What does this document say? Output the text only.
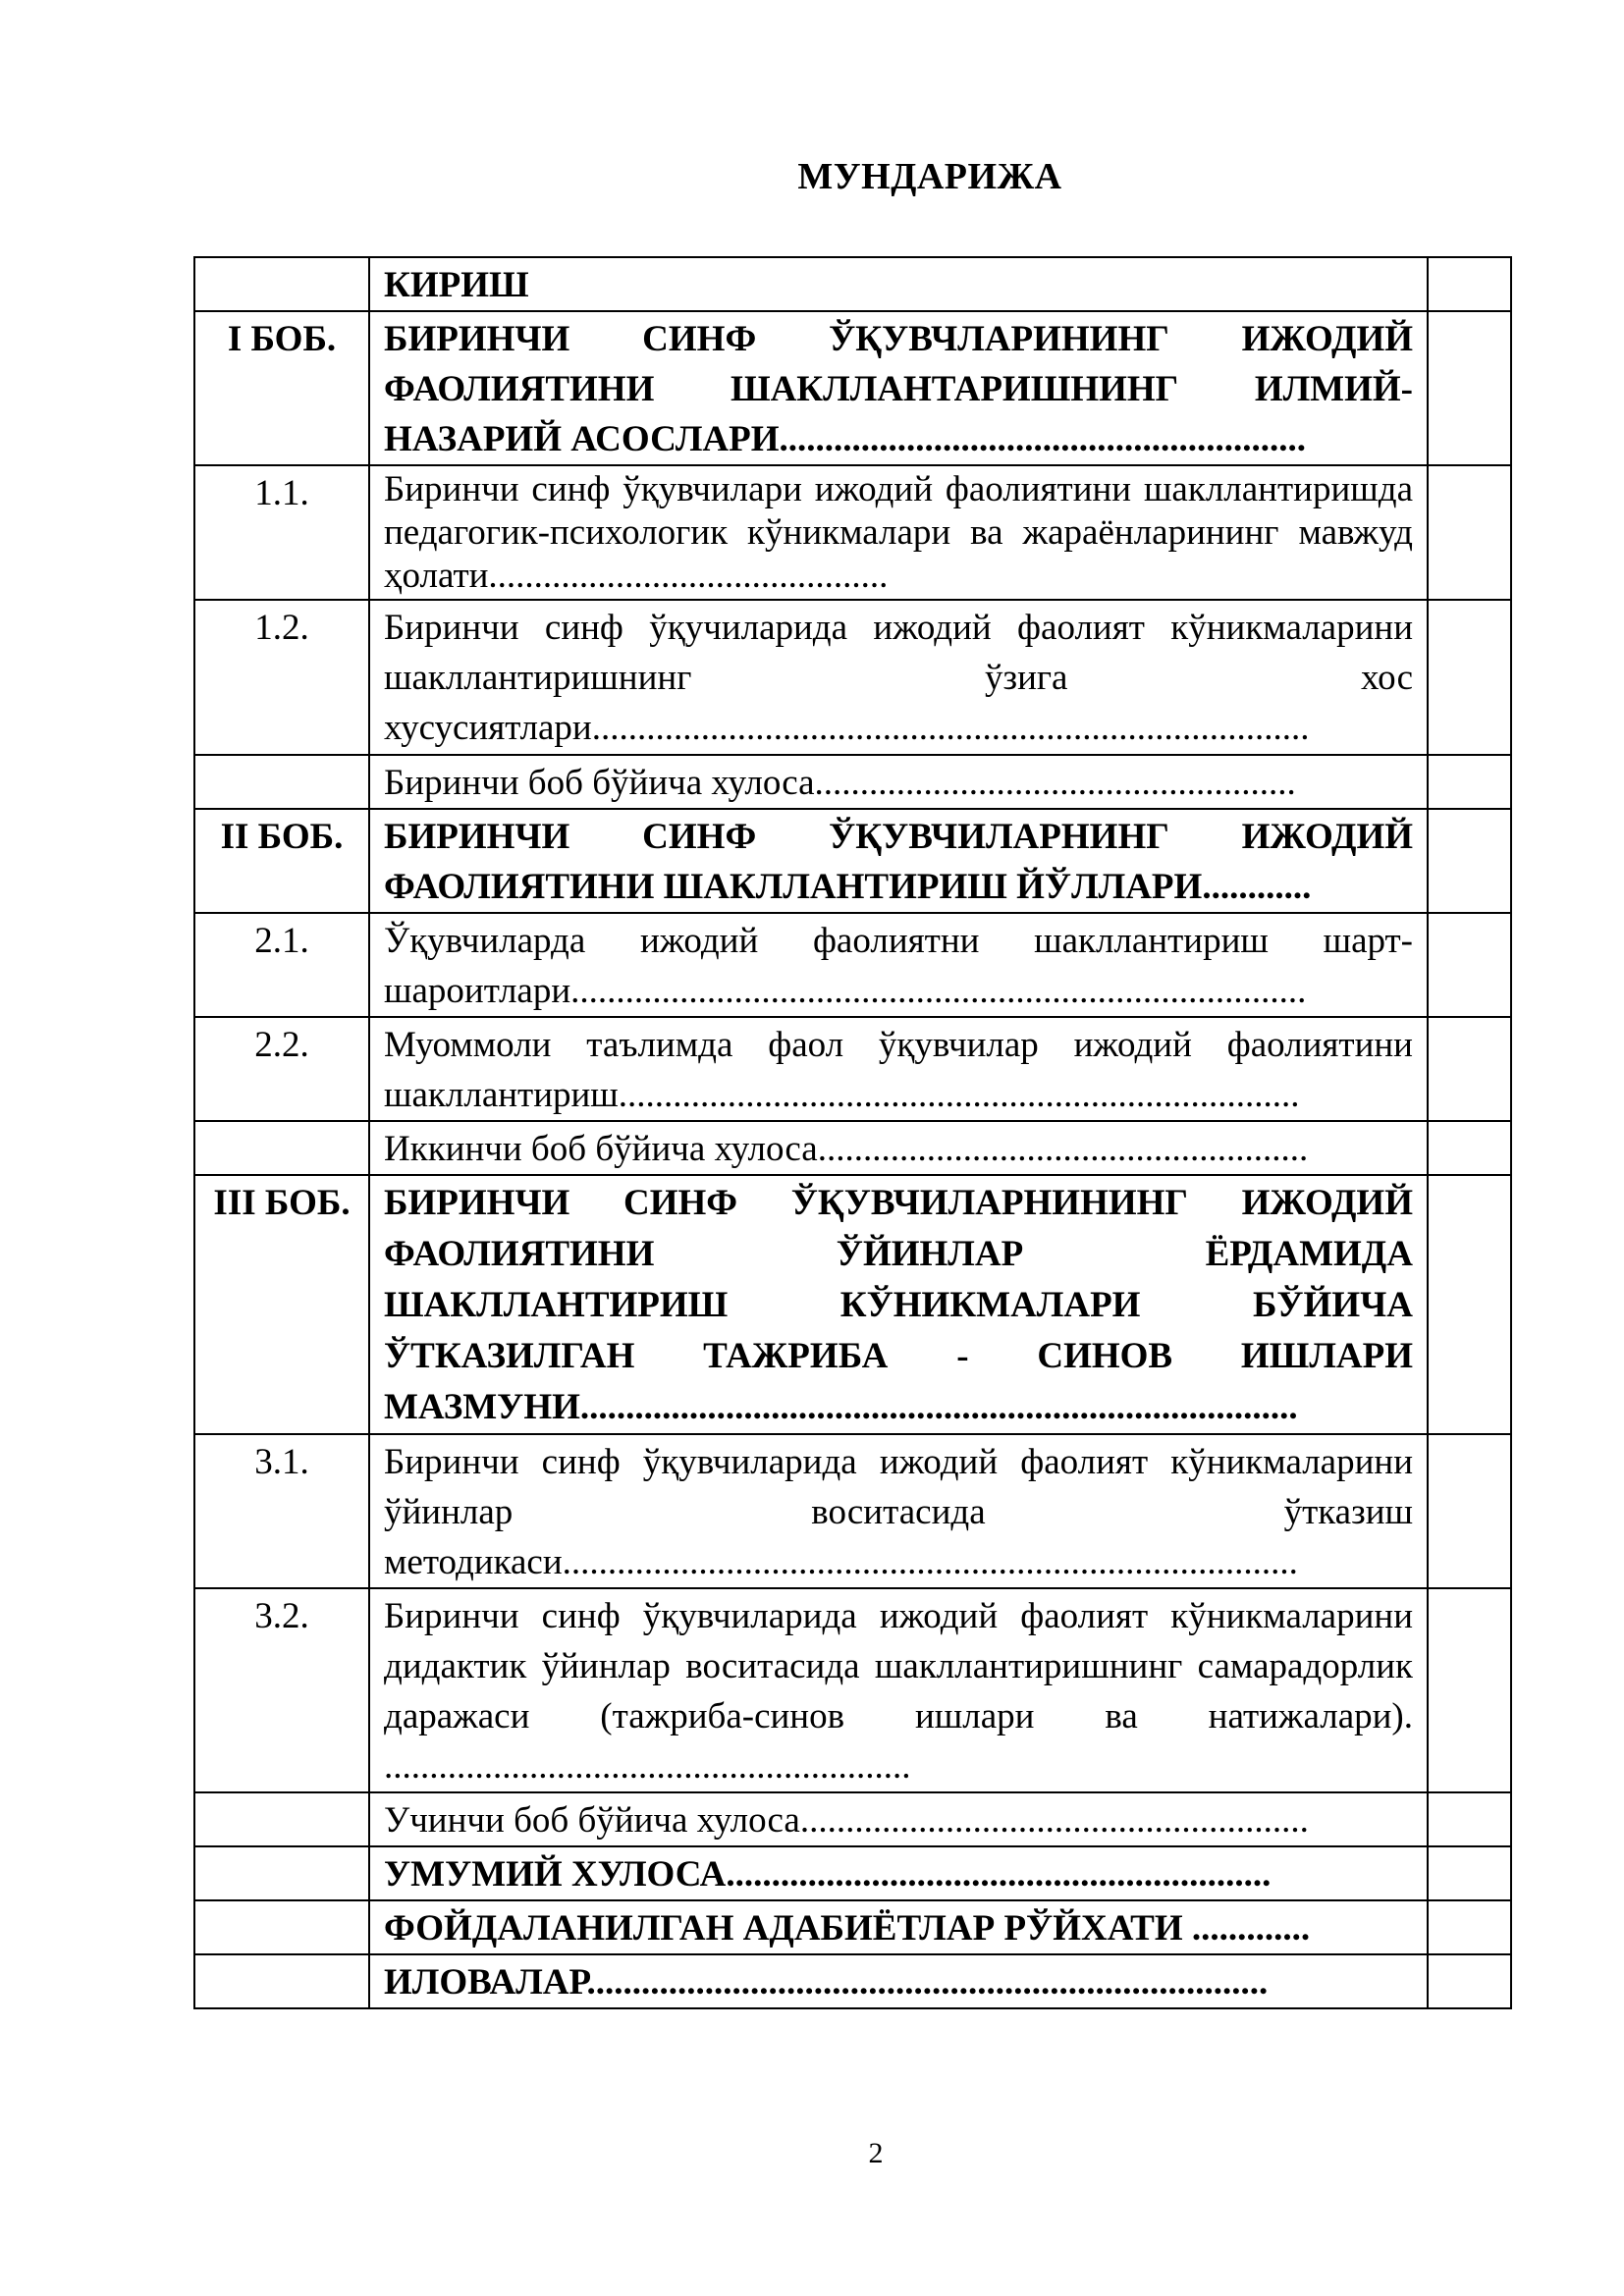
МУНДАРИЖА
	КИРИШ	
I БОБ.	БИРИНЧИ СИНФ ЎҚУВЧЛАРИНИНГ ИЖОДИЙ ФАОЛИЯТИНИ ШАКЛЛАНТАРИШНИНГ ИЛМИЙ-НАЗАРИЙ АСОСЛАРИ..........................................................	
1.1.	Биринчи синф ўқувчилари ижодий фаолиятини шакллантиришда педагогик-психологик кўникмалари ва жараёнларининг мавжуд ҳолати............................................	
1.2.	Биринчи синф ўқучиларида ижодий фаолият кўникмаларини шакллантиришнинг ўзига хос хусусиятлари...............................................................................	
	Биринчи боб бўйича хулоса.....................................................	
II БОБ.	БИРИНЧИ СИНФ ЎҚУВЧИЛАРНИНГ ИЖОДИЙ ФАОЛИЯТИНИ ШАКЛЛАНТИРИШ ЙЎЛЛАРИ............	
2.1.	Ўқувчиларда ижодий фаолиятни шакллантириш шарт-шароитлари.................................................................................	
2.2.	Муоммоли таълимда фаол ўқувчилар ижодий фаолиятини шакллантириш...........................................................................	
	Иккинчи боб бўйича хулоса......................................................	
III БОБ.	БИРИНЧИ СИНФ ЎҚУВЧИЛАРНИНИНГ ИЖОДИЙ ФАОЛИЯТИНИ ЎЙИНЛАР ЁРДАМИДА ШАКЛЛАНТИРИШ КЎНИКМАЛАРИ БЎЙИЧА ЎТКАЗИЛГАН ТАЖРИБА - СИНОВ ИШЛАРИ МАЗМУНИ...............................................................................	
3.1.	Биринчи синф ўқувчиларида ижодий фаолият кўникмаларини ўйинлар воситасида ўтказиш методикаси.................................................................................	
3.2.	Биринчи синф ўқувчиларида ижодий фаолият кўникмаларини дидактик ўйинлар воситасида шакллантиришнинг самарадорлик даражаси (тажриба-синов ишлари ва натижалари). ..........................................................	
	Учинчи боб бўйича хулоса........................................................	
	УМУМИЙ ХУЛОСА............................................................	
	ФОЙДАЛАНИЛГАН АДАБИЁТЛАР РЎЙХАТИ .............	
	ИЛОВАЛАР...........................................................................	
2
